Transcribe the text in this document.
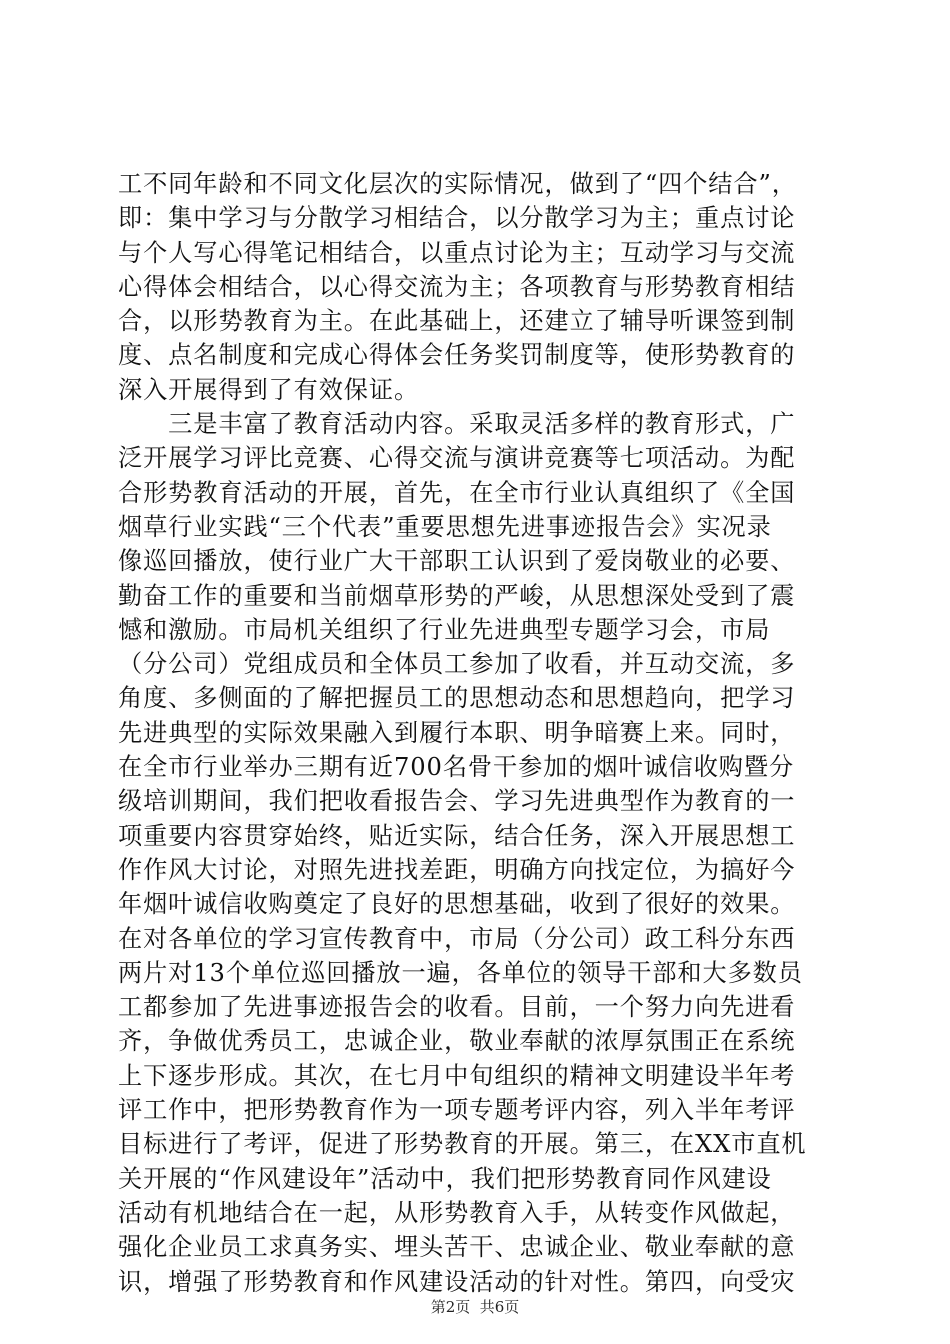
工不同年龄和不同文化层次的实际情况，做到了“四个结合”，
即：集中学习与分散学习相结合，以分散学习为主；重点讨论
与个人写心得笔记相结合，以重点讨论为主；互动学习与交流
心得体会相结合，以心得交流为主；各项教育与形势教育相结
合，以形势教育为主。在此基础上，还建立了辅导听课签到制
度、点名制度和完成心得体会任务奖罚制度等，使形势教育的
深入开展得到了有效保证。
　　三是丰富了教育活动内容。采取灵活多样的教育形式，广
泛开展学习评比竞赛、心得交流与演讲竞赛等七项活动。为配
合形势教育活动的开展，首先，在全市行业认真组织了《全国
烟草行业实践“三个代表”重要思想先进事迹报告会》实况录
像巡回播放，使行业广大干部职工认识到了爱岗敬业的必要、
勤奋工作的重要和当前烟草形势的严峻，从思想深处受到了震
憾和激励。市局机关组织了行业先进典型专题学习会，市局
（分公司）党组成员和全体员工参加了收看，并互动交流，多
角度、多侧面的了解把握员工的思想动态和思想趋向，把学习
先进典型的实际效果融入到履行本职、明争暗赛上来。同时，
在全市行业举办三期有近700名骨干参加的烟叶诚信收购暨分
级培训期间，我们把收看报告会、学习先进典型作为教育的一
项重要内容贯穿始终，贴近实际，结合任务，深入开展思想工
作作风大讨论，对照先进找差距，明确方向找定位，为搞好今
年烟叶诚信收购奠定了良好的思想基础，收到了很好的效果。
在对各单位的学习宣传教育中，市局（分公司）政工科分东西
两片对13个单位巡回播放一遍，各单位的领导干部和大多数员
工都参加了先进事迹报告会的收看。目前，一个努力向先进看
齐，争做优秀员工，忠诚企业，敬业奉献的浓厚氛围正在系统
上下逐步形成。其次，在七月中旬组织的精神文明建设半年考
评工作中，把形势教育作为一项专题考评内容，列入半年考评
目标进行了考评，促进了形势教育的开展。第三，在XX市直机
关开展的“作风建设年”活动中，我们把形势教育同作风建设
活动有机地结合在一起，从形势教育入手，从转变作风做起，
强化企业员工求真务实、埋头苦干、忠诚企业、敬业奉献的意
识，增强了形势教育和作风建设活动的针对性。第四，向受灾
第2页  共6页
